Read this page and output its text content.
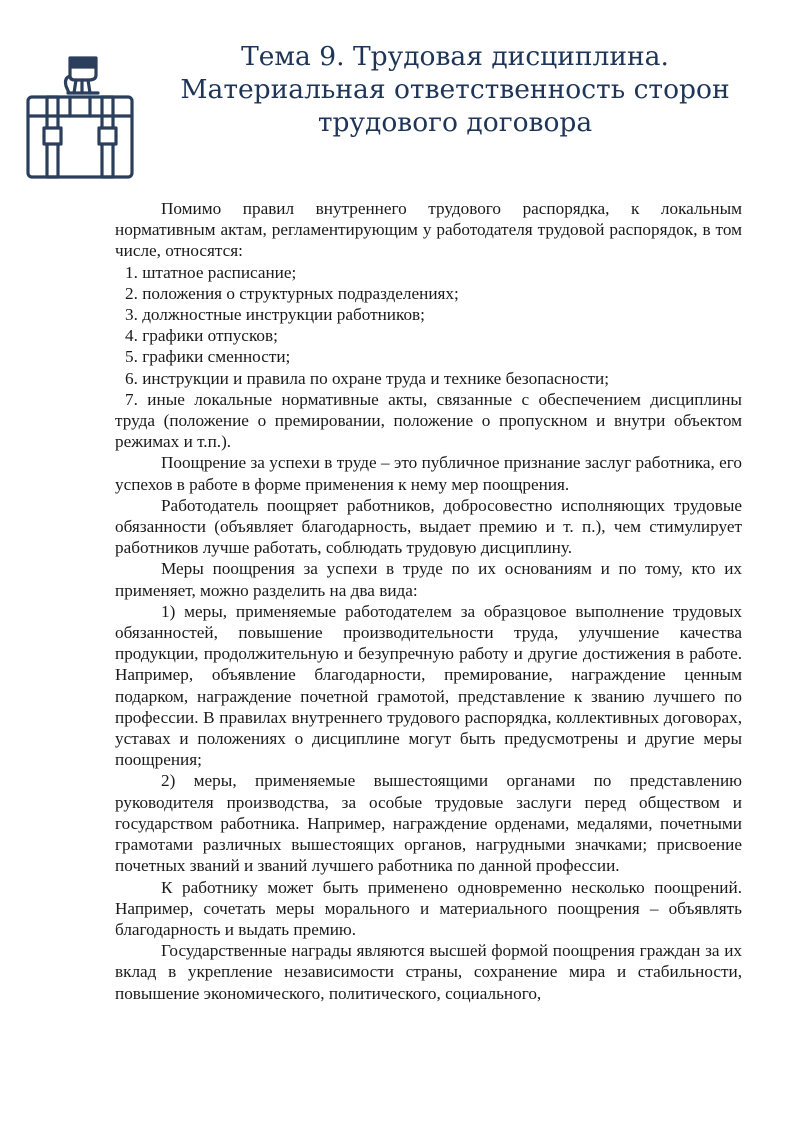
Тема 9. Трудовая дисциплина.
Материальная ответственность сторон
трудового договора

Помимо правил внутреннего трудового распорядка, к локальным нормативным актам, регламентирующим у работодателя трудовой распорядок, в том числе, относятся:

1. штатное расписание;
2. положения о структурных подразделениях;
3. должностные инструкции работников;
4. графики отпусков;
5. графики сменности;
6. инструкции и правила по охране труда и технике безопасности;
7. иные локальные нормативные акты, связанные с обеспечением дисциплины труда (положение о премировании, положение о пропускном и внутри объектом режимах и т.п.).

Поощрение за успехи в труде – это публичное признание заслуг работника, его успехов в работе в форме применения к нему мер поощрения.

Работодатель поощряет работников, добросовестно исполняющих трудовые обязанности (объявляет благодарность, выдает премию и т. п.), чем стимулирует работников лучше работать, соблюдать трудовую дисциплину.

Меры поощрения за успехи в труде по их основаниям и по тому, кто их применяет, можно разделить на два вида:

1) меры, применяемые работодателем за образцовое выполнение трудовых обязанностей, повышение производительности труда, улучшение качества продукции, продолжительную и безупречную работу и другие достижения в работе. Например, объявление благодарности, премирование, награждение ценным подарком, награждение почетной грамотой, представление к званию лучшего по профессии. В правилах внутреннего трудового распорядка, коллективных договорах, уставах и положениях о дисциплине могут быть предусмотрены и другие меры поощрения;

2) меры, применяемые вышестоящими органами по представлению руководителя производства, за особые трудовые заслуги перед обществом и государством работника. Например, награждение орденами, медалями, почетными грамотами различных вышестоящих органов, нагрудными значками; присвоение почетных званий и званий лучшего работника по данной профессии.

К работнику может быть применено одновременно несколько поощрений. Например, сочетать меры морального и материального поощрения – объявлять благодарность и выдать премию.

Государственные награды являются высшей формой поощрения граждан за их вклад в укрепление независимости страны, сохранение мира и стабильности, повышение экономического, политического, социального,
